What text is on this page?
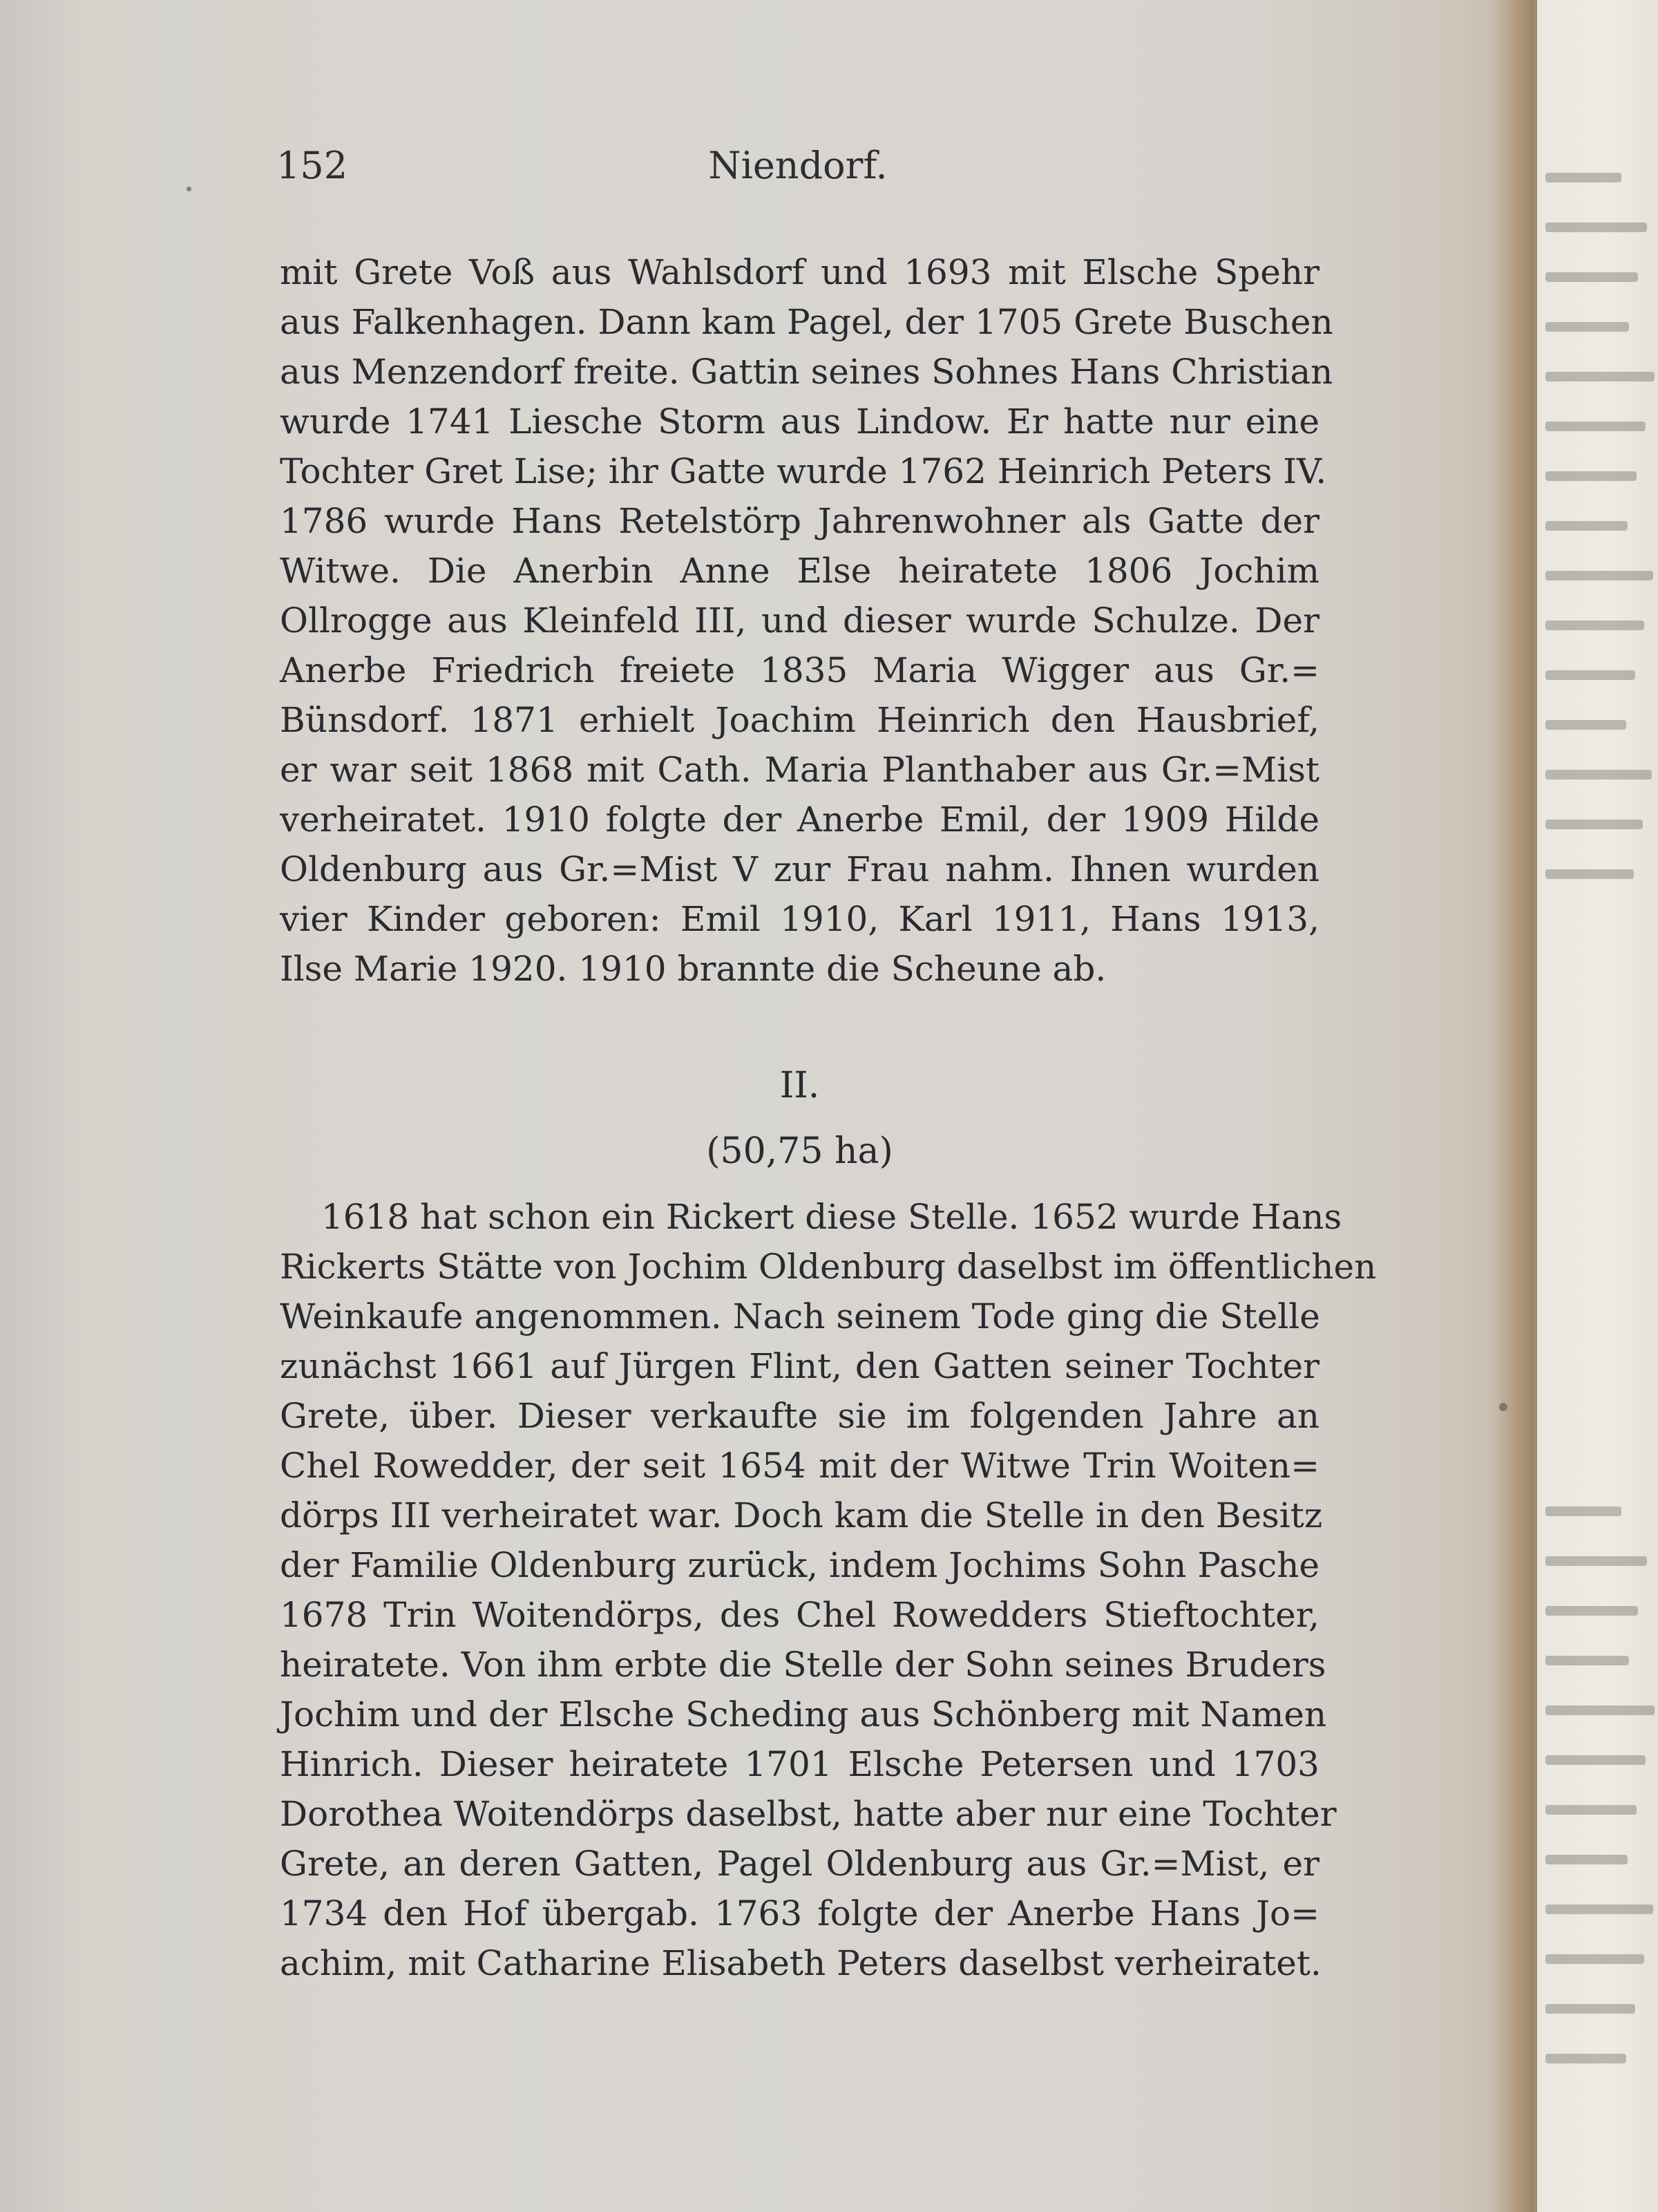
152	Niendorf.

mit Grete Voß aus Wahlsdorf und 1693 mit Elsche Spehr

aus Falkenhagen. Dann kam Pagel, der 1705 Grete Buschen

aus Menzendorf freite. Gattin seines Sohnes Hans Christian

wurde 1741 Liesche Storm aus Lindow. Er hatte nur eine

Tochter Gret Lise; ihr Gatte wurde 1762 Heinrich Peters IV.

1786 wurde Hans Retelstörp Jahrenwohner als Gatte der

Witwe. Die Anerbin Anne Else heiratete 1806 Jochim

Ollrogge aus Kleinfeld III, und dieser wurde Schulze. Der

Anerbe Friedrich freiete 1835 Maria Wigger aus Gr.=

Bünsdorf. 1871 erhielt Joachim Heinrich den Hausbrief,

er war seit 1868 mit Cath. Maria Planthaber aus Gr.=Mist

verheiratet. 1910 folgte der Anerbe Emil, der 1909 Hilde

Oldenburg aus Gr.=Mist V zur Frau nahm. Ihnen wurden

vier Kinder geboren: Emil 1910, Karl 1911, Hans 1913,

Ilse Marie 1920. 1910 brannte die Scheune ab.

II.
(50,75 ha)

1618 hat schon ein Rickert diese Stelle. 1652 wurde Hans

Rickerts Stätte von Jochim Oldenburg daselbst im öffentlichen

Weinkaufe angenommen. Nach seinem Tode ging die Stelle

zunächst 1661 auf Jürgen Flint, den Gatten seiner Tochter

Grete, über. Dieser verkaufte sie im folgenden Jahre an

Chel Rowedder, der seit 1654 mit der Witwe Trin Woiten=

dörps III verheiratet war. Doch kam die Stelle in den Besitz

der Familie Oldenburg zurück, indem Jochims Sohn Pasche

1678 Trin Woitendörps, des Chel Rowedders Stieftochter,

heiratete. Von ihm erbte die Stelle der Sohn seines Bruders

Jochim und der Elsche Scheding aus Schönberg mit Namen

Hinrich. Dieser heiratete 1701 Elsche Petersen und 1703

Dorothea Woitendörps daselbst, hatte aber nur eine Tochter

Grete, an deren Gatten, Pagel Oldenburg aus Gr.=Mist, er

1734 den Hof übergab. 1763 folgte der Anerbe Hans Jo=

achim, mit Catharine Elisabeth Peters daselbst verheiratet.
